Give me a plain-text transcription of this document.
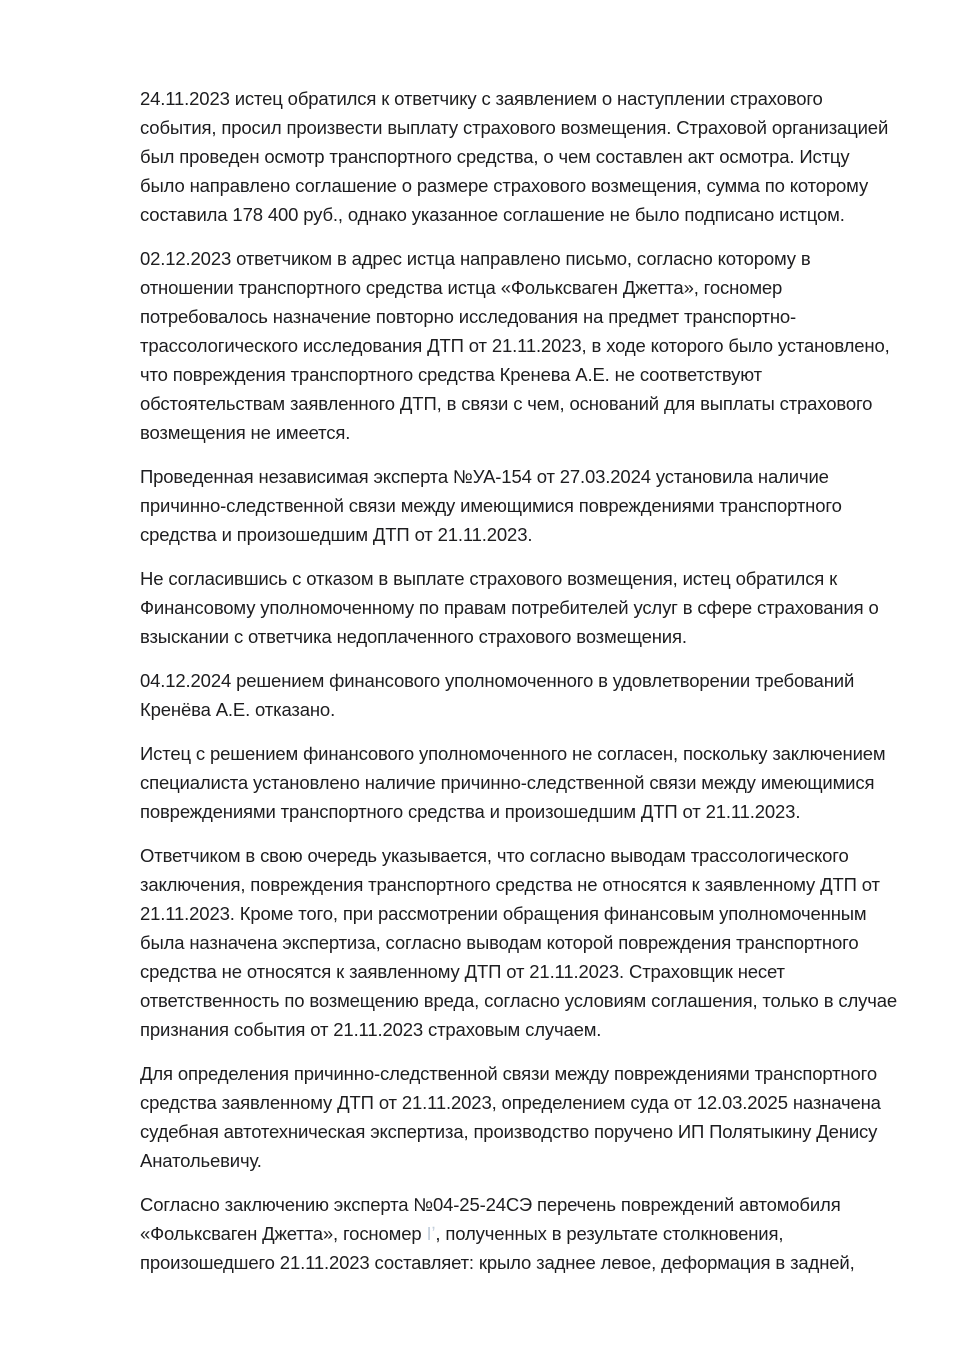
24.11.2023 истец обратился к ответчику с заявлением о наступлении страхового события, просил произвести выплату страхового возмещения. Страховой организацией был проведен осмотр транспортного средства, о чем составлен акт осмотра. Истцу было направлено соглашение о размере страхового возмещения, сумма по которому составила 178 400 руб., однако указанное соглашение не было подписано истцом.

02.12.2023 ответчиком в адрес истца направлено письмо, согласно которому в отношении транспортного средства истца «Фольксваген Джетта», госномер потребовалось назначение повторно исследования на предмет транспортно-трассологического исследования ДТП от 21.11.2023, в ходе которого было установлено, что повреждения транспортного средства Кренева А.Е. не соответствуют обстоятельствам заявленного ДТП, в связи с чем, оснований для выплаты страхового возмещения не имеется.

Проведенная независимая эксперта №УА-154 от 27.03.2024 установила наличие причинно-следственной связи между имеющимися повреждениями транспортного средства и произошедшим ДТП от 21.11.2023.

Не согласившись с отказом в выплате страхового возмещения, истец обратился к Финансовому уполномоченному по правам потребителей услуг в сфере страхования о взыскании с ответчика недоплаченного страхового возмещения.

04.12.2024 решением финансового уполномоченного в удовлетворении требований Кренёва А.Е. отказано.

Истец с решением финансового уполномоченного не согласен, поскольку заключением специалиста установлено наличие причинно-следственной связи между имеющимися повреждениями транспортного средства и произошедшим ДТП от 21.11.2023.

Ответчиком в свою очередь указывается, что согласно выводам трассологического заключения, повреждения транспортного средства не относятся к заявленному ДТП от 21.11.2023. Кроме того, при рассмотрении обращения финансовым уполномоченным была назначена экспертиза, согласно выводам которой повреждения транспортного средства не относятся к заявленному ДТП от 21.11.2023. Страховщик несет ответственность по возмещению вреда, согласно условиям соглашения, только в случае признания события от 21.11.2023 страховым случаем.

Для определения причинно-следственной связи между повреждениями транспортного средства заявленному ДТП от 21.11.2023, определением суда от 12.03.2025 назначена судебная автотехническая экспертиза, производство поручено ИП Полятыкину Денису Анатольевичу.

Согласно заключению эксперта №04-25-24СЭ перечень повреждений автомобиля «Фольксваген Джетта», госномер Iʼ, полученных в результате столкновения, произошедшего 21.11.2023 составляет: крыло заднее левое, деформация в задней,
